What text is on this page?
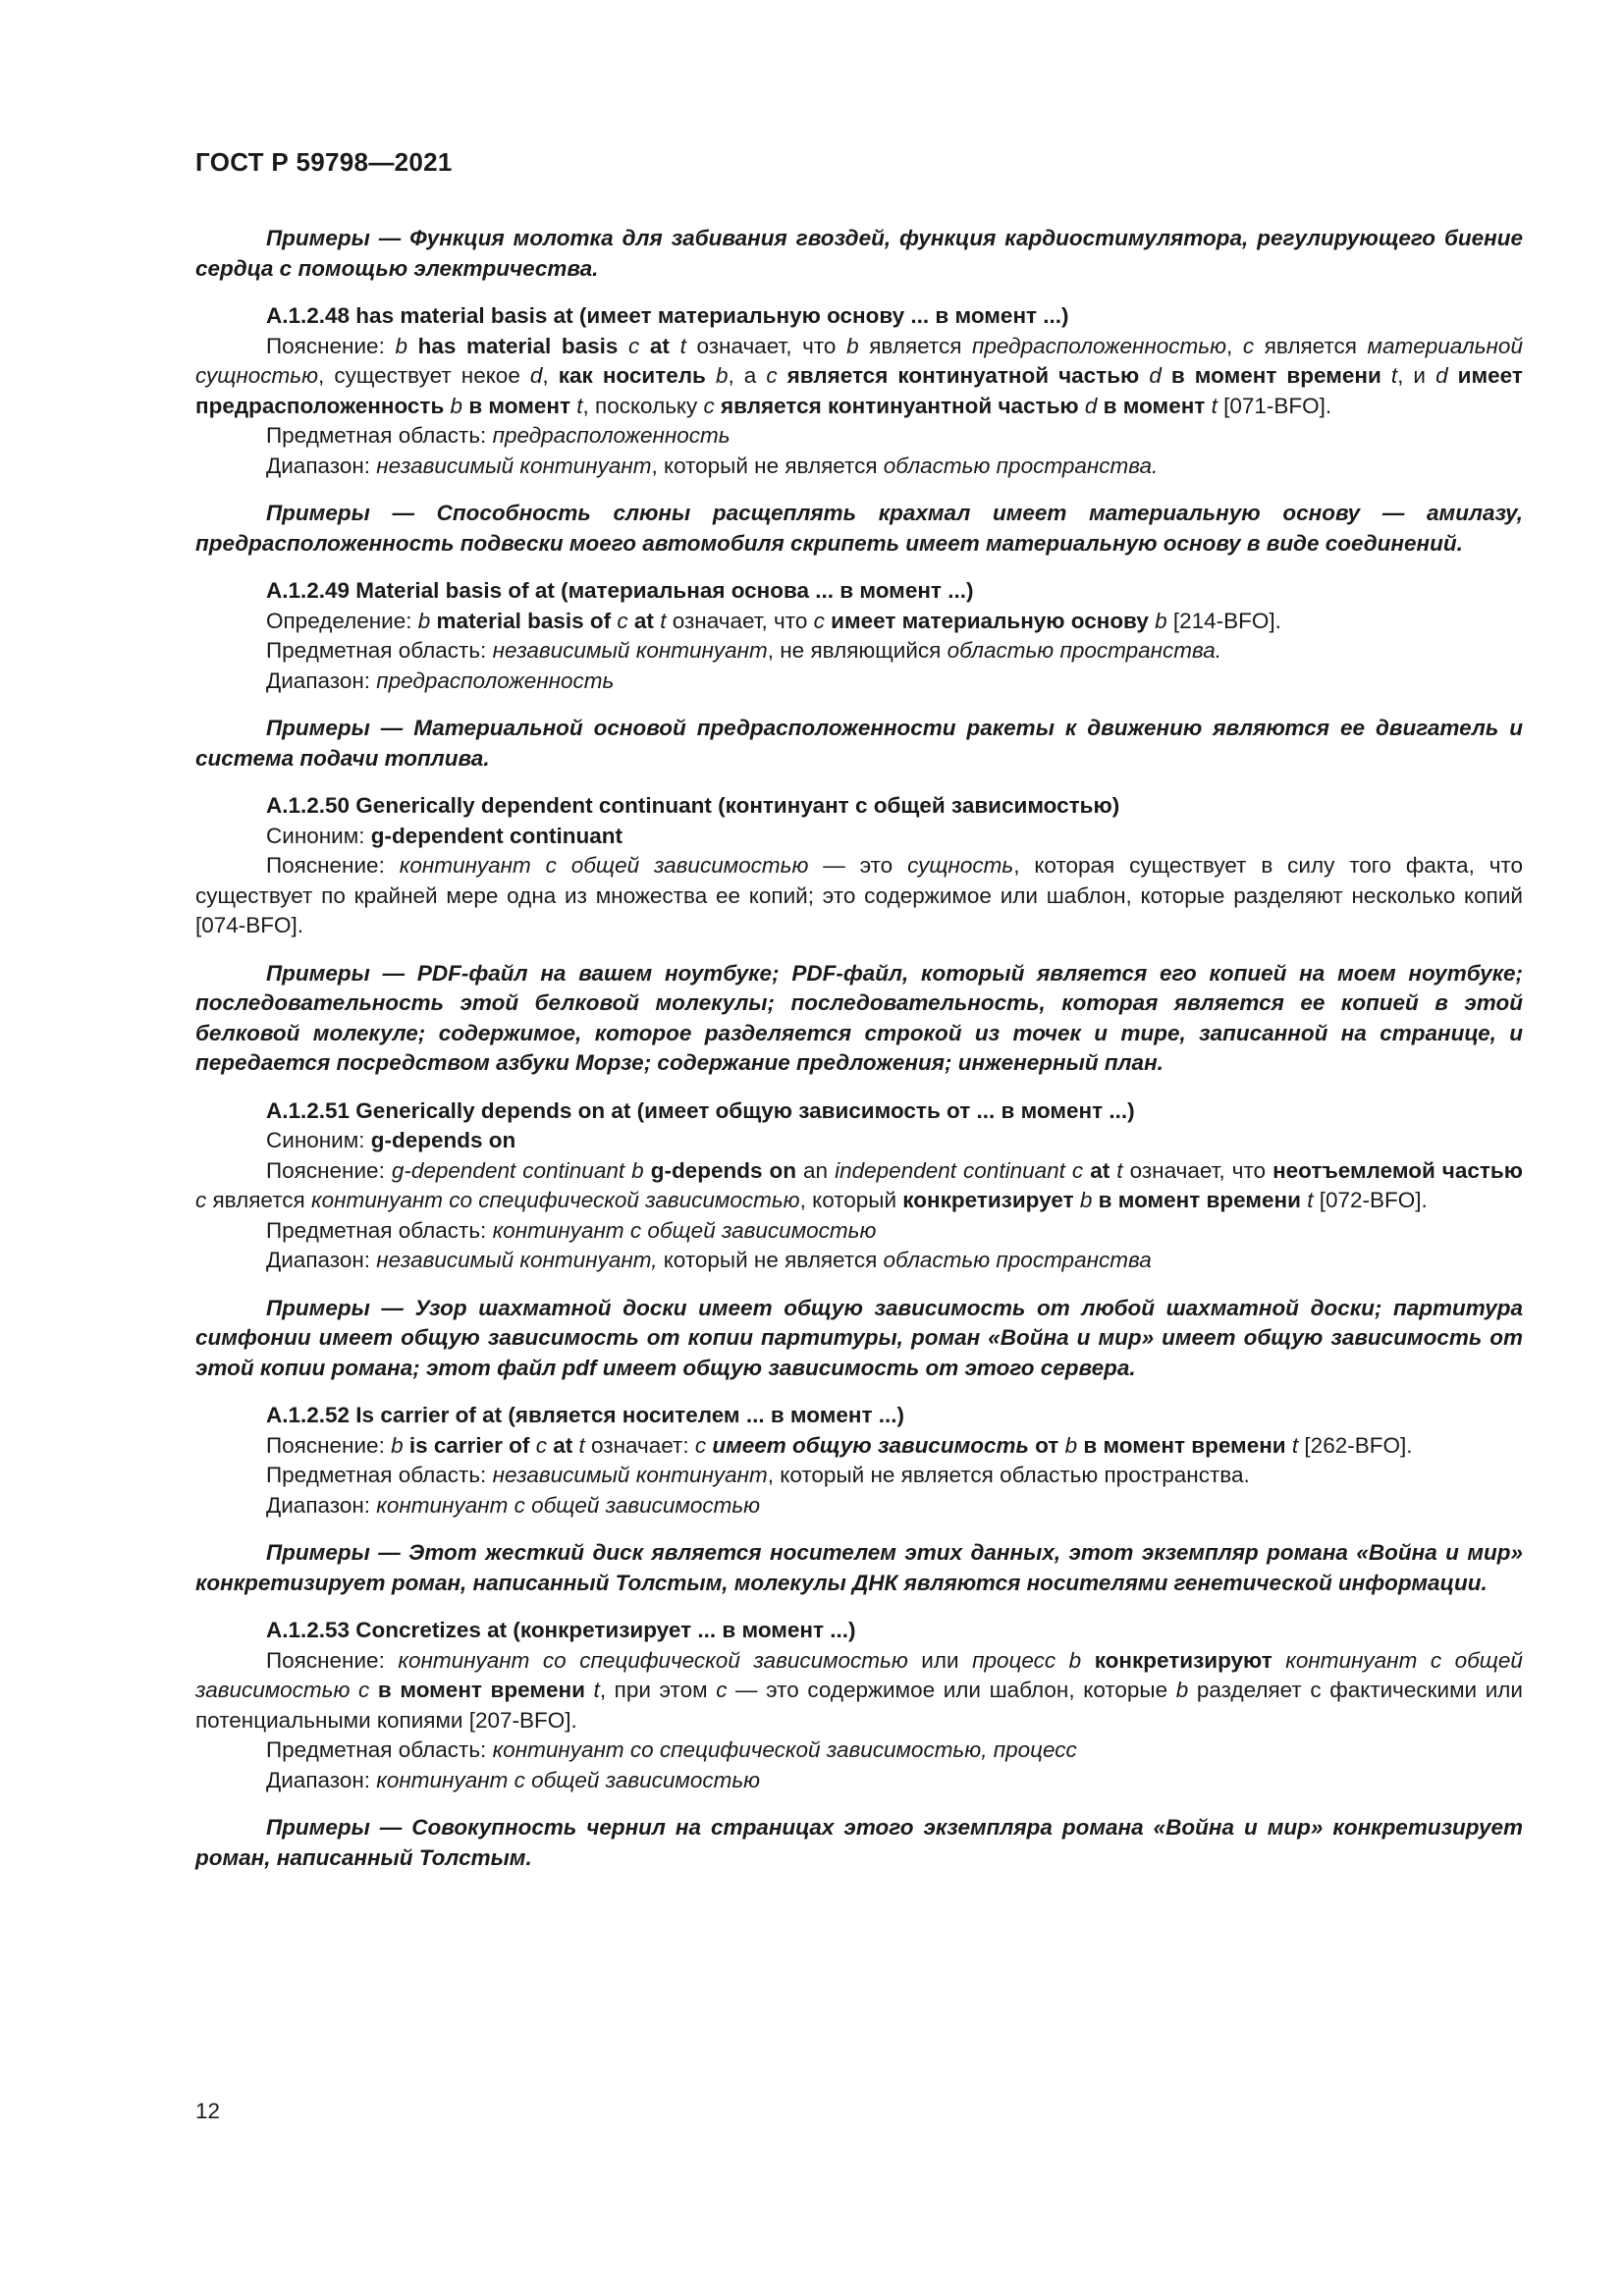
ГОСТ Р 59798—2021

Примеры — Функция молотка для забивания гвоздей, функция кардиостимулятора, регулирующего биение сердца с помощью электричества.

А.1.2.48 has material basis at (имеет материальную основу ... в момент ...)

Пояснение: b has material basis c at t означает, что b является предрасположенностью, c является материальной сущностью, существует некое d, как носитель b, а c является континуатной частью d в момент времени t, и d имеет предрасположенность b в момент t, поскольку c является континуантной частью d в момент t [071-BFO].

Предметная область: предрасположенность

Диапазон: независимый континуант, который не является областью пространства.

Примеры — Способность слюны расщеплять крахмал имеет материальную основу — амилазу, предрасположенность подвески моего автомобиля скрипеть имеет материальную основу в виде соединений.

А.1.2.49 Material basis of at (материальная основа ... в момент ...)

Определение: b material basis of c at t означает, что c имеет материальную основу b [214-BFO].

Предметная область: независимый континуант, не являющийся областью пространства.

Диапазон: предрасположенность

Примеры — Материальной основой предрасположенности ракеты к движению являются ее двигатель и система подачи топлива.

А.1.2.50 Generically dependent continuant (континуант с общей зависимостью)

Синоним: g-dependent continuant

Пояснение: континуант с общей зависимостью — это сущность, которая существует в силу того факта, что существует по крайней мере одна из множества ее копий; это содержимое или шаблон, которые разделяют несколько копий [074-BFO].

Примеры — PDF-файл на вашем ноутбуке; PDF-файл, который является его копией на моем ноутбуке; последовательность этой белковой молекулы; последовательность, которая является ее копией в этой белковой молекуле; содержимое, которое разделяется строкой из точек и тире, записанной на странице, и передается посредством азбуки Морзе; содержание предложения; инженерный план.

А.1.2.51 Generically depends on at (имеет общую зависимость от ... в момент ...)

Синоним: g-depends on

Пояснение: g-dependent continuant b g-depends on an independent continuant c at t означает, что неотъемлемой частью c является континуант со специфической зависимостью, который конкретизирует b в момент времени t [072-BFO].

Предметная область: континуант с общей зависимостью

Диапазон: независимый континуант, который не является областью пространства

Примеры — Узор шахматной доски имеет общую зависимость от любой шахматной доски; партитура симфонии имеет общую зависимость от копии партитуры, роман «Война и мир» имеет общую зависимость от этой копии романа; этот файл pdf имеет общую зависимость от этого сервера.

А.1.2.52 Is carrier of at (является носителем ... в момент ...)

Пояснение: b is carrier of c at t означает: c имеет общую зависимость от b в момент времени t [262-BFO].

Предметная область: независимый континуант, который не является областью пространства.

Диапазон: континуант с общей зависимостью

Примеры — Этот жесткий диск является носителем этих данных, этот экземпляр романа «Война и мир» конкретизирует роман, написанный Толстым, молекулы ДНК являются носителями генетической информации.

А.1.2.53 Concretizes at (конкретизирует ... в момент ...)

Пояснение: континуант со специфической зависимостью или процесс b конкретизируют континуант с общей зависимостью c в момент времени t, при этом c — это содержимое или шаблон, которые b разделяет с фактическими или потенциальными копиями [207-BFO].

Предметная область: континуант со специфической зависимостью, процесс

Диапазон: континуант с общей зависимостью

Примеры — Совокупность чернил на страницах этого экземпляра романа «Война и мир» конкретизирует роман, написанный Толстым.

12
